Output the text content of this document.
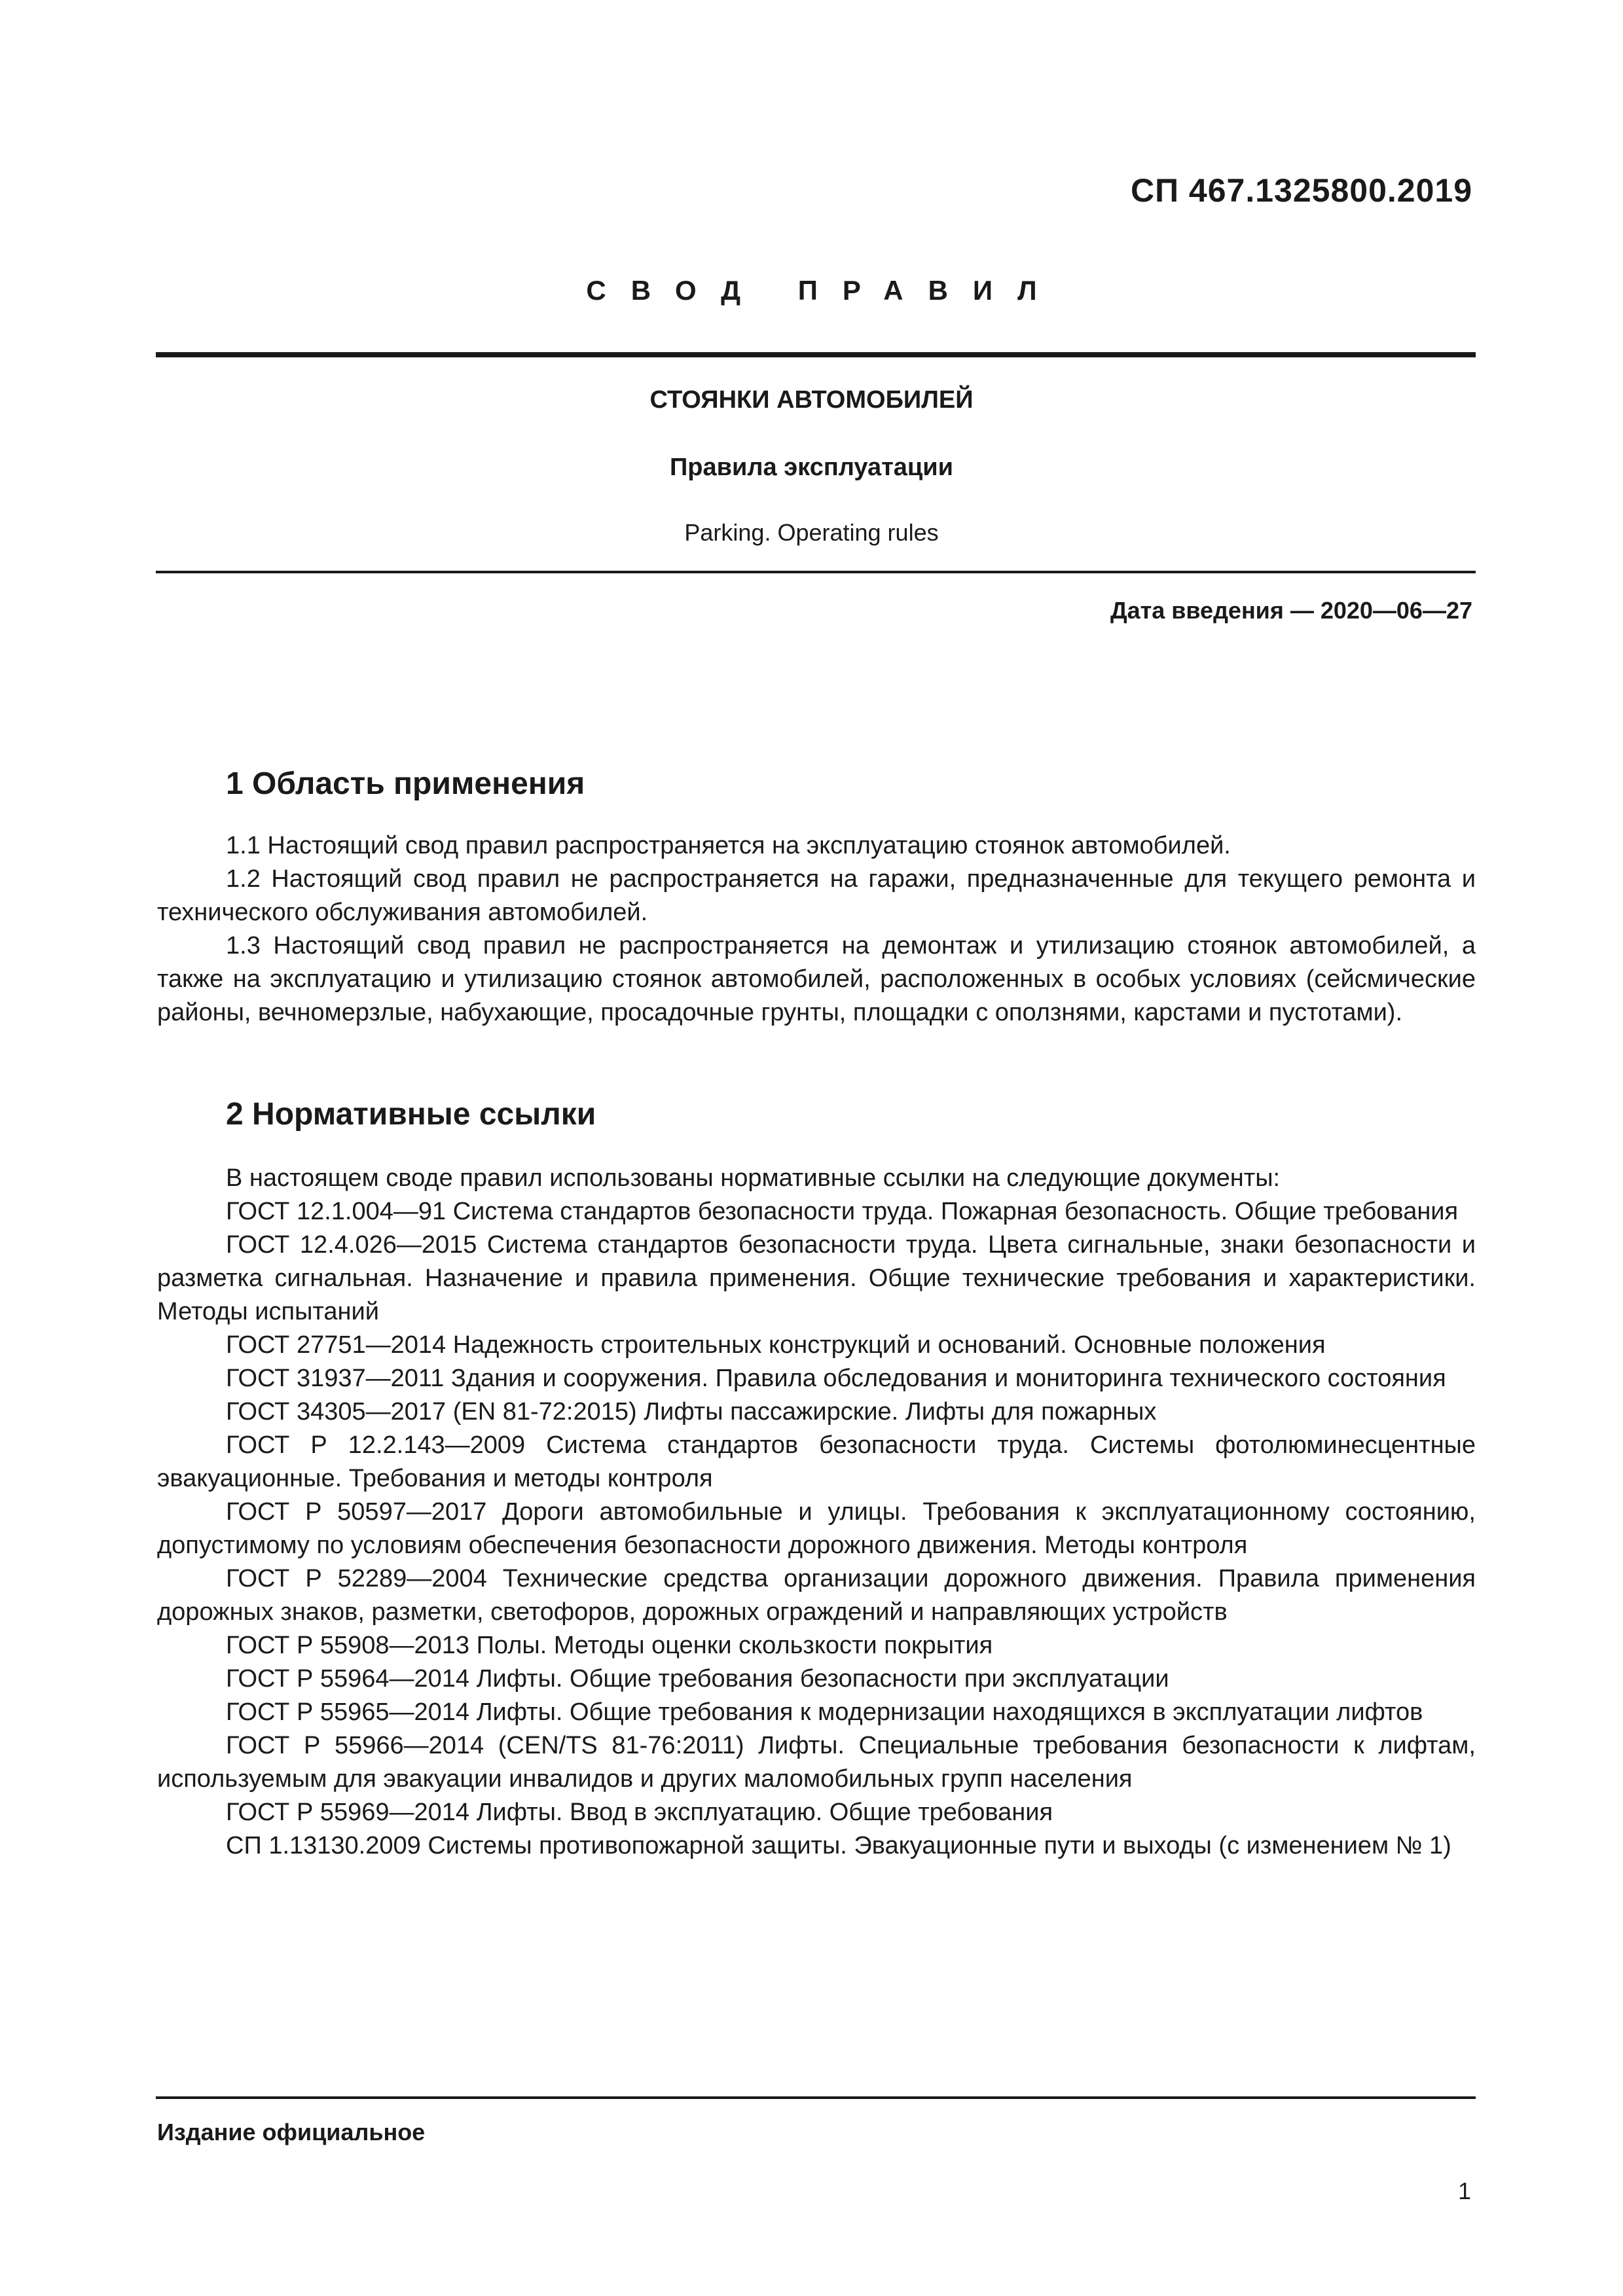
СП 467.1325800.2019
СВОД ПРАВИЛ
СТОЯНКИ АВТОМОБИЛЕЙ
Правила эксплуатации
Parking. Operating rules
Дата введения — 2020—06—27
1 Область применения

1.1 Настоящий свод правил распространяется на эксплуатацию стоянок автомобилей.

1.2 Настоящий свод правил не распространяется на гаражи, предназначенные для текущего ремонта и технического обслуживания автомобилей.

1.3 Настоящий свод правил не распространяется на демонтаж и утилизацию стоянок автомобилей, а также на эксплуатацию и утилизацию стоянок автомобилей, расположенных в особых условиях (сейсмические районы, вечномерзлые, набухающие, просадочные грунты, площадки с оползнями, карстами и пустотами).

2 Нормативные ссылки

В настоящем своде правил использованы нормативные ссылки на следующие документы:

ГОСТ 12.1.004—91 Система стандартов безопасности труда. Пожарная безопасность. Общие требования

ГОСТ 12.4.026—2015 Система стандартов безопасности труда. Цвета сигнальные, знаки безопасности и разметка сигнальная. Назначение и правила применения. Общие технические требования и характеристики. Методы испытаний

ГОСТ 27751—2014 Надежность строительных конструкций и оснований. Основные положения

ГОСТ 31937—2011 Здания и сооружения. Правила обследования и мониторинга технического состояния

ГОСТ 34305—2017 (EN 81-72:2015) Лифты пассажирские. Лифты для пожарных

ГОСТ Р 12.2.143—2009 Система стандартов безопасности труда. Системы фотолюминесцентные эвакуационные. Требования и методы контроля

ГОСТ Р 50597—2017 Дороги автомобильные и улицы. Требования к эксплуатационному состоянию, допустимому по условиям обеспечения безопасности дорожного движения. Методы контроля

ГОСТ Р 52289—2004 Технические средства организации дорожного движения. Правила применения дорожных знаков, разметки, светофоров, дорожных ограждений и направляющих устройств

ГОСТ Р 55908—2013 Полы. Методы оценки скользкости покрытия

ГОСТ Р 55964—2014 Лифты. Общие требования безопасности при эксплуатации

ГОСТ Р 55965—2014 Лифты. Общие требования к модернизации находящихся в эксплуатации лифтов

ГОСТ Р 55966—2014 (CEN/TS 81-76:2011) Лифты. Специальные требования безопасности к лифтам, используемым для эвакуации инвалидов и других маломобильных групп населения

ГОСТ Р 55969—2014 Лифты. Ввод в эксплуатацию. Общие требования

СП 1.13130.2009 Системы противопожарной защиты. Эвакуационные пути и выходы (с изменением № 1)

Издание официальное
1
